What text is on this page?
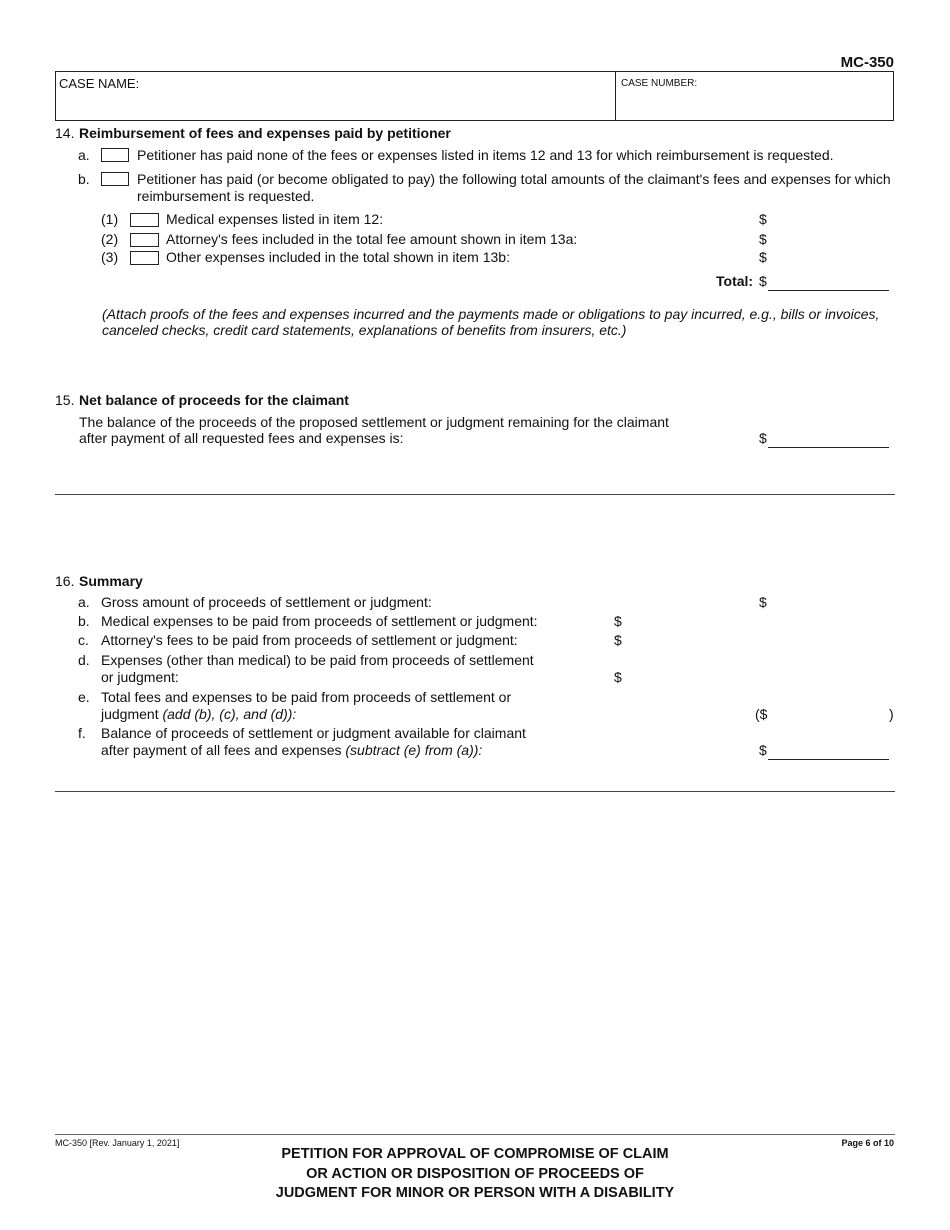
MC-350
CASE NAME:	CASE NUMBER:
14. Reimbursement of fees and expenses paid by petitioner
a.	Petitioner has paid none of the fees or expenses listed in items 12 and 13 for which reimbursement is requested.
b.	Petitioner has paid (or become obligated to pay) the following total amounts of the claimant's fees and expenses for which
reimbursement is requested.
(1)	Medical expenses listed in item 12:	$
(2)	Attorney's fees included in the total fee amount shown in item 13a:	$
(3)	Other expenses included in the total shown in item 13b:	$
Total: $
(Attach proofs of the fees and expenses incurred and the payments made or obligations to pay incurred, e.g., bills or invoices,
canceled checks, credit card statements, explanations of benefits from insurers, etc.)
15. Net balance of proceeds for the claimant
The balance of the proceeds of the proposed settlement or judgment remaining for the claimant
after payment of all requested fees and expenses is:	$
16. Summary
a. Gross amount of proceeds of settlement or judgment:	$
b. Medical expenses to be paid from proceeds of settlement or judgment:	$
c. Attorney's fees to be paid from proceeds of settlement or judgment:	$
d. Expenses (other than medical) to be paid from proceeds of settlement
or judgment:	$
e. Total fees and expenses to be paid from proceeds of settlement or
judgment (add (b), (c), and (d)):	($	)
f. Balance of proceeds of settlement or judgment available for claimant
after payment of all fees and expenses (subtract (e) from (a)):	$
MC-350 [Rev. January 1, 2021]	Page 6 of 10
PETITION FOR APPROVAL OF COMPROMISE OF CLAIM
OR ACTION OR DISPOSITION OF PROCEEDS OF
JUDGMENT FOR MINOR OR PERSON WITH A DISABILITY
